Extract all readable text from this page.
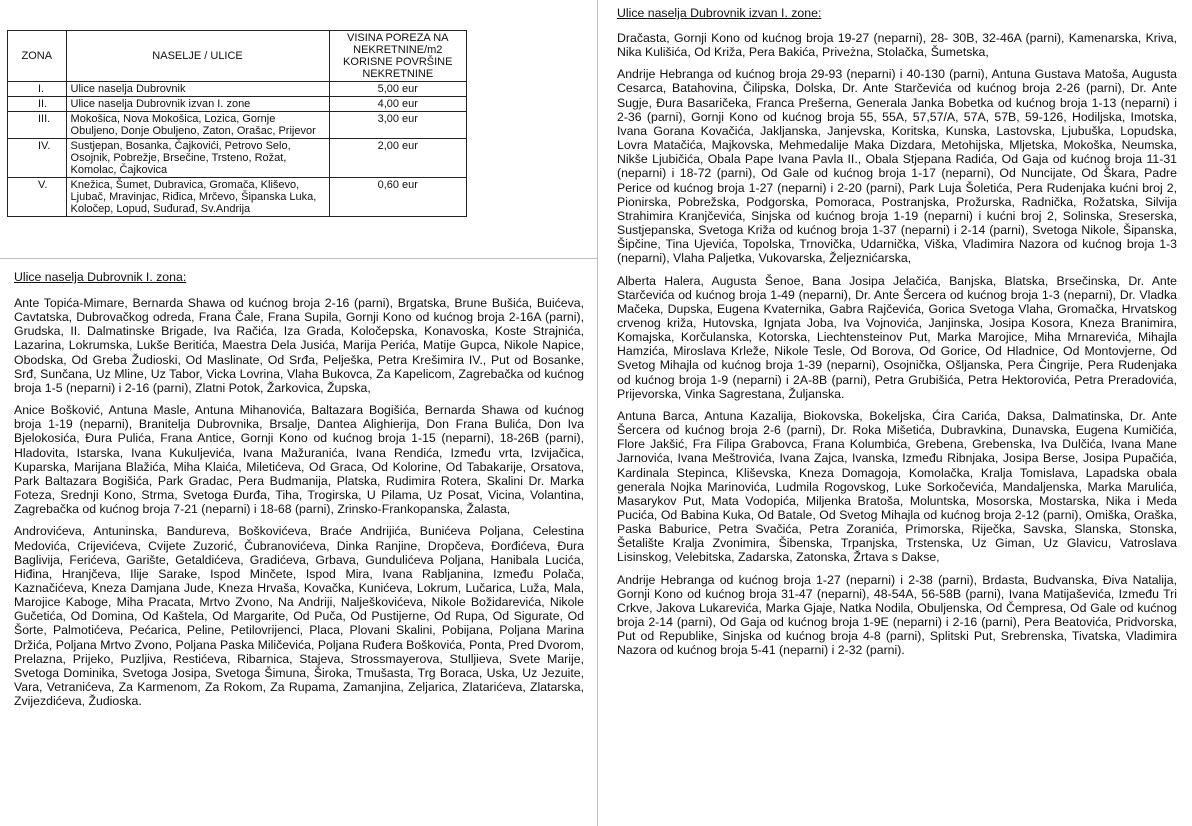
ZONA	NASELJE / ULICE	VISINA POREZA NA NEKRETNINE/m2 KORISNE POVRŠINE NEKRETNINE
I.	Ulice naselja Dubrovnik	5,00 eur
II.	Ulice naselja Dubrovnik izvan I. zone	4,00 eur
III.	Mokošica, Nova Mokošica, Lozica, Gornje Obuljeno, Donje Obuljeno, Zaton, Orašac, Prijevor	3,00 eur
IV.	Sustjepan, Bosanka, Čajkovići, Petrovo Selo, Osojnik, Pobrežje, Brsečine, Trsteno, Rožat, Komolac, Čajkovica	2,00 eur
V.	Knežica, Šumet, Dubravica, Gromača, Kliševo, Ljubač, Mravinjac, Riđica, Mrčevo, Šipanska Luka, Koločep, Lopud, Suđurađ, Sv.Andrija	0,60 eur
Ulice naselja Dubrovnik I. zona:

Ante Topića-Mimare, Bernarda Shawa od kućnog broja 2-16 (parni), Brgatska, Brune Bušića, Buićeva, Cavtatska, Dubrovačkog odreda, Frana Čale, Frana Supila, Gornji Kono od kućnog broja 2-16A (parni), Grudska, II. Dalmatinske Brigade, Iva Račića, Iza Grada, Koločepska, Konavoska, Koste Strajnića, Lazarina, Lokrumska, Lukše Beritića, Maestra Dela Jusića, Marija Perića, Matije Gupca, Nikole Napice, Obodska, Od Greba Žudioski, Od Maslinate, Od Srđa, Pelješka, Petra Krešimira IV., Put od Bosanke, Srđ, Sunčana, Uz Mline, Uz Tabor, Vicka Lovrina, Vlaha Bukovca, Za Kapelicom, Zagrebačka od kućnog broja 1-5 (neparni) i 2-16 (parni), Zlatni Potok, Žarkovica, Župska,

Anice Bošković, Antuna Masle, Antuna Mihanovića, Baltazara Bogišića, Bernarda Shawa od kućnog broja 1-19 (neparni), Branitelja Dubrovnika, Brsalje, Dantea Alighierija, Don Frana Bulića, Don Iva Bjelokosića, Đura Pulića, Frana Antice, Gornji Kono od kućnog broja 1-15 (neparni), 18-26B (parni), Hladovita, Istarska, Ivana Kukuljevića, Ivana Mažuranića, Ivana Rendića, Između vrta, Izvijačica, Kuparska, Marijana Blažića, Miha Klaića, Miletićeva, Od Graca, Od Kolorine, Od Tabakarije, Orsatova, Park Baltazara Bogišića, Park Gradac, Pera Budmanija, Platska, Rudimira Rotera, Skalini Dr. Marka Foteza, Srednji Kono, Strma, Svetoga Đurđa, Tiha, Trogirska, U Pilama, Uz Posat, Vicina, Volantina, Zagrebačka od kućnog broja 7-21 (neparni) i 18-68 (parni), Zrinsko-Frankopanska, Žalasta,

Androvićeva, Antuninska, Bandureva, Boškovićeva, Braće Andrijića, Bunićeva Poljana, Celestina Medovića, Crijevićeva, Cvijete Zuzorić, Čubranovićeva, Dinka Ranjine, Dropčeva, Đorđićeva, Đura Baglivija, Ferićeva, Garište, Getaldićeva, Gradićeva, Grbava, Gundulićeva Poljana, Hanibala Lucića, Hiđina, Hranjčeva, Ilije Sarake, Ispod Minčete, Ispod Mira, Ivana Rabljanina, Između Polača, Kaznačićeva, Kneza Damjana Jude, Kneza Hrvaša, Kovačka, Kunićeva, Lokrum, Lučarica, Luža, Mala, Marojice Kaboge, Miha Pracata, Mrtvo Zvono, Na Andriji, Nalješkovićeva, Nikole Božidarevića, Nikole Gučetića, Od Domina, Od Kaštela, Od Margarite, Od Puča, Od Pustijerne, Od Rupa, Od Sigurate, Od Šorte, Palmotićeva, Pećarica, Peline, Petilovrijenci, Placa, Plovani Skalini, Pobijana, Poljana Marina Držića, Poljana Mrtvo Zvono, Poljana Paska Miličevića, Poljana Ruđera Boškovića, Ponta, Pred Dvorom, Prelazna, Prijeko, Puzljiva, Restićeva, Ribarnica, Stajeva, Strossmayerova, Stulljieva, Svete Marije, Svetoga Dominika, Svetoga Josipa, Svetoga Šimuna, Široka, Tmušasta, Trg Boraca, Uska, Uz Jezuite, Vara, Vetranićeva, Za Karmenom, Za Rokom, Za Rupama, Zamanjina, Zeljarica, Zlatarićeva, Zlatarska, Zvijezdićeva, Žudioska.

Ulice naselja Dubrovnik izvan I. zone:

Dračasta, Gornji Kono od kućnog broja 19-27 (neparni), 28- 30B, 32-46A (parni), Kamenarska, Kriva, Nika Kulišića, Od Križa, Pera Bakića, Priveżna, Stolačka, Šumetska,

Andrije Hebranga od kućnog broja 29-93 (neparni) i 40-130 (parni), Antuna Gustava Matoša, Augusta Cesarca, Batahovina, Čilipska, Dolska, Dr. Ante Starčevića od kućnog broja 2-26 (parni), Dr. Ante Sugje, Đura Basaričeka, Franca Prešerna, Generala Janka Bobetka od kućnog broja 1-13 (neparni) i 2-36 (parni), Gornji Kono od kućnog broja 55, 55A, 57,57/A, 57A, 57B, 59-126, Hodiljska, Imotska, Ivana Gorana Kovačića, Jakljanska, Janjevska, Koritska, Kunska, Lastovska, Ljubuška, Lopudska, Lovra Matačića, Majkovska, Mehmedalije Maka Dizdara, Metohijska, Mljetska, Mokoška, Neumska, Nikše Ljubičića, Obala Pape Ivana Pavla II., Obala Stjepana Radića, Od Gaja od kućnog broja 11-31 (neparni) i 18-72 (parni), Od Gale od kućnog broja 1-17 (neparni), Od Nuncijate, Od Škara, Padre Perice od kućnog broja 1-27 (neparni) i 2-20 (parni), Park Luja Šoletića, Pera Rudenjaka kućni broj 2, Pionirska, Pobrežska, Podgorska, Pomoraca, Postranjska, Prožurska, Radnička, Rožatska, Silvija Strahimira Kranjčevića, Sinjska od kućnog broja 1-19 (neparni) i kućni broj 2, Solinska, Sreserska, Sustjepanska, Svetoga Križa od kućnog broja 1-37 (neparni) i 2-14 (parni), Svetoga Nikole, Šipanska, Šipčine, Tina Ujevića, Topolska, Trnovička, Udarnička, Viška, Vladimira Nazora od kućnog broja 1-3 (neparni), Vlaha Paljetka, Vukovarska, Željeznićarska,

Alberta Halera, Augusta Šenoe, Bana Josipa Jelačića, Banjska, Blatska, Brsečinska, Dr. Ante Starčevića od kućnog broja 1-49 (neparni), Dr. Ante Šercera od kućnog broja 1-3 (neparni), Dr. Vladka Mačeka, Dupska, Eugena Kvaternika, Gabra Rajčevića, Gorica Svetoga Vlaha, Gromačka, Hrvatskog crvenog križa, Hutovska, Ignjata Joba, Iva Vojnovića, Janjinska, Josipa Kosora, Kneza Branimira, Komajska, Korčulanska, Kotorska, Liechtensteinov Put, Marka Marojice, Miha Mrnarevića, Mihajla Hamzića, Miroslava Krleže, Nikole Tesle, Od Borova, Od Gorice, Od Hladnice, Od Montovjerne, Od Svetog Mihajla od kućnog broja 1-39 (neparni), Osojnička, Ošljanska, Pera Čingrije, Pera Rudenjaka od kućnog broja 1-9 (neparni) i 2A-8B (parni), Petra Grubišića, Petra Hektorovića, Petra Preradovića, Prijevorska, Vinka Sagrestana, Žuljanska.

Antuna Barca, Antuna Kazalija, Biokovska, Bokeljska, Ćira Carića, Daksa, Dalmatinska, Dr. Ante Šercera od kućnog broja 2-6 (parni), Dr. Roka Mišetića, Dubravkina, Dunavska, Eugena Kumičića, Flore Jakšić, Fra Filipa Grabovca, Frana Kolumbića, Grebena, Grebenska, Iva Dulčića, Ivana Mane Jarnovića, Ivana Meštrovića, Ivana Zajca, Ivanska, Između Ribnjaka, Josipa Berse, Josipa Pupačića, Kardinala Stepinca, Kliševska, Kneza Domagoja, Komolačka, Kralja Tomislava, Lapadska obala generala Nojka Marinovića, Ludmila Rogovskog, Luke Sorkočevića, Mandaljenska, Marka Marulića, Masarykov Put, Mata Vodopića, Miljenka Bratoša, Moluntska, Mosorska, Mostarska, Nika i Meda Pucića, Od Babina Kuka, Od Batale, Od Svetog Mihajla od kućnog broja 2-12 (parni), Omiška, Oraška, Paska Baburice, Petra Svačića, Petra Zoranića, Primorska, Riječka, Savska, Slanska, Stonska, Šetalište Kralja Zvonimira, Šibenska, Trpanjska, Trstenska, Uz Giman, Uz Glavicu, Vatroslava Lisinskog, Velebitska, Zadarska, Zatonska, Žrtava s Dakse,

Andrije Hebranga od kućnog broja 1-27 (neparni) i 2-38 (parni), Brdasta, Budvanska, Điva Natalija, Gornji Kono od kućnog broja 31-47 (neparni), 48-54A, 56-58B (parni), Ivana Matijaševića, Između Tri Crkve, Jakova Lukarevića, Marka Gjaje, Natka Nodila, Obuljenska, Od Čempresa, Od Gale od kućnog broja 2-14 (parni), Od Gaja od kućnog broja 1-9E (neparni) i 2-16 (parni), Pera Beatovića, Pridvorska, Put od Republike, Sinjska od kućnog broja 4-8 (parni), Splitski Put, Srebrenska, Tivatska, Vladimira Nazora od kućnog broja 5-41 (neparni) i 2-32 (parni).
